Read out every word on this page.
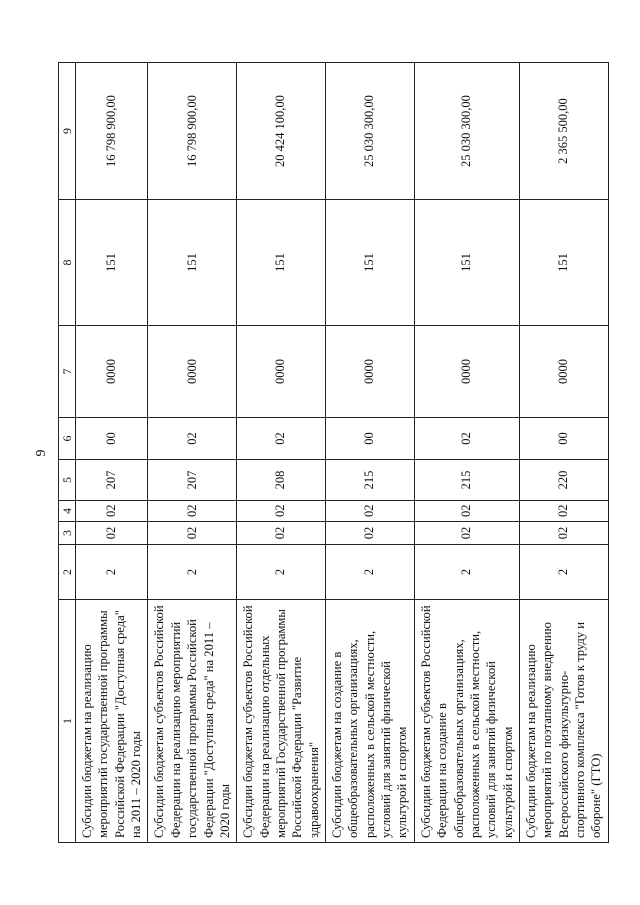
9
1	2	3	4	5	6	7	8	9
Субсидии бюджетам на реализацию мероприятий государственной программы Российской Федерации "Доступная среда" на 2011 – 2020 годы	2	02	02	207	00	0000	151	16 798 900,00
Субсидии бюджетам субъектов Российской Федерации на реализацию мероприятий государственной программы Российской Федерации "Доступная среда" на 2011 – 2020 годы	2	02	02	207	02	0000	151	16 798 900,00
Субсидии бюджетам субъектов Российской Федерации на реализацию отдельных мероприятий Государственной программы Российской Федерации "Развитие здравоохранения"	2	02	02	208	02	0000	151	20 424 100,00
Субсидии бюджетам на создание в общеобразовательных организациях, расположенных в сельской местности, условий для занятий физической культурой и спортом	2	02	02	215	00	0000	151	25 030 300,00
Субсидии бюджетам субъектов Российской Федерации на создание в общеобразовательных организациях, расположенных в сельской местности, условий для занятий физической культурой и спортом	2	02	02	215	02	0000	151	25 030 300,00
Субсидии бюджетам на реализацию мероприятий по поэтапному внедрению Всероссийского физкультурно-спортивного комплекса "Готов к труду и обороне" (ГТО)	2	02	02	220	00	0000	151	2 365 500,00
